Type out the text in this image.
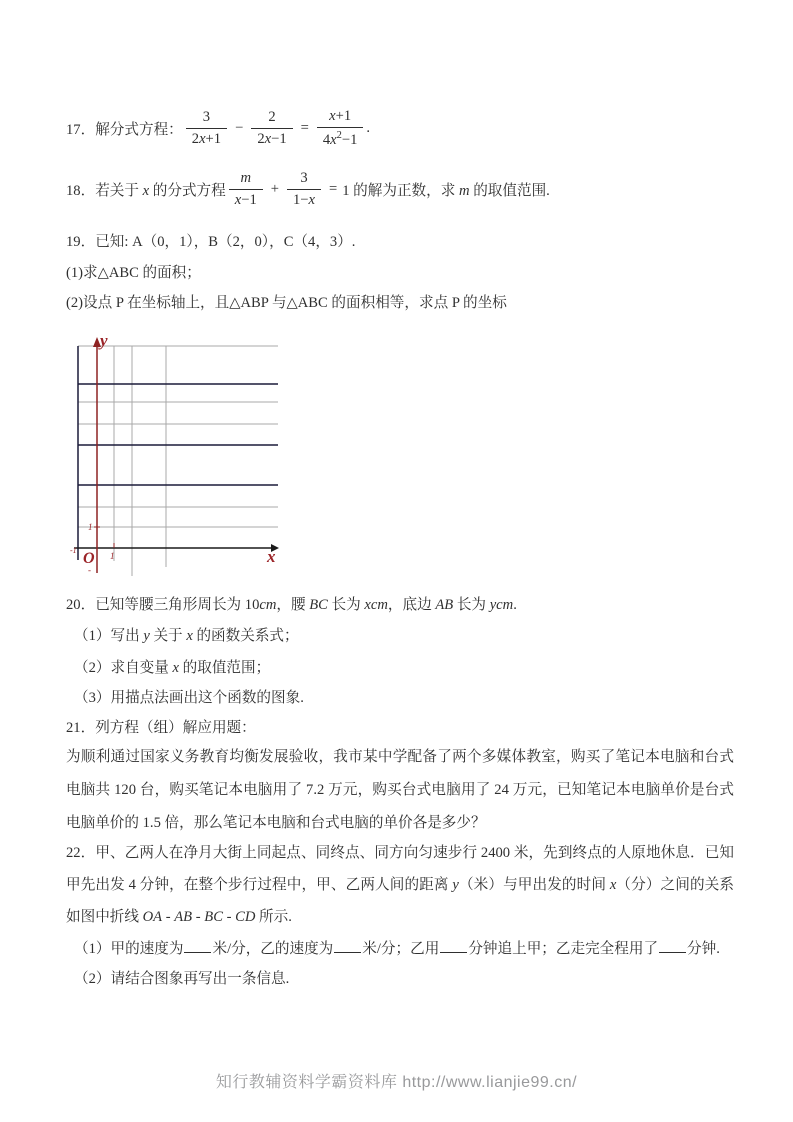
17．解分式方程： $\frac{3}{2x+1} - \frac{2}{2x-1} = \frac{x+1}{4x^2-1}$ .
18．若关于 x 的分式方程 $\frac{m}{x-1} + \frac{3}{1-x} = 1$ 的解为正数，求 m 的取值范围.
19．已知: A（0，1），B（2，0），C（4，3）.
(1)求△ABC 的面积；
(2)设点 P 在坐标轴上，且△ABP 与△ABC 的面积相等，求点 P 的坐标
y
x
O
1
1
-1
-
20．已知等腰三角形周长为 10cm，腰 BC 长为 xcm，底边 AB 长为 ycm.
（1）写出 y 关于 x 的函数关系式；
（2）求自变量 x 的取值范围；
（3）用描点法画出这个函数的图象.
21．列方程（组）解应用题：
为顺利通过国家义务教育均衡发展验收，我市某中学配备了两个多媒体教室，购买了笔记本电脑和台式电脑共 120 台，购买笔记本电脑用了 7.2 万元，购买台式电脑用了 24 万元，已知笔记本电脑单价是台式电脑单价的 1.5 倍，那么笔记本电脑和台式电脑的单价各是多少？
22．甲、乙两人在净月大街上同起点、同终点、同方向匀速步行 2400 米，先到终点的人原地休息．已知甲先出发 4 分钟，在整个步行过程中，甲、乙两人间的距离 y（米）与甲出发的时间 x（分）之间的关系如图中折线 OA - AB - BC - CD 所示.
（1）甲的速度为 米/分，乙的速度为 米/分；乙用 分钟追上甲；乙走完全程用了 分钟.
（2）请结合图象再写出一条信息.
知行教辅资料学霸资料库 http://www.lianjie99.cn/
